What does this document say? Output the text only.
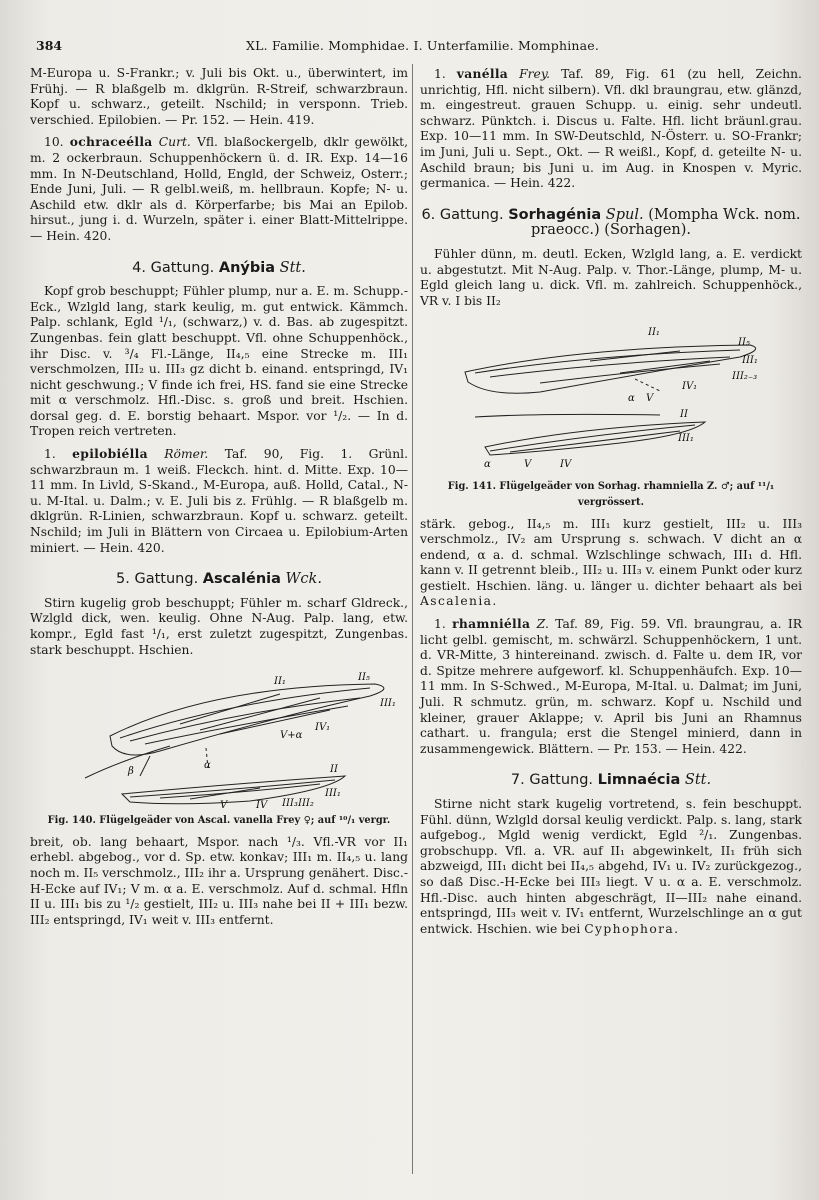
384	XL. Familie. Momphidae. I. Unterfamilie. Momphinae.

M-Europa u. S-Frankr.; v. Juli bis Okt. u., überwintert, im Frühj. — R blaßgelb m. dklgrün. R-Streif, schwarzbraun. Kopf u. schwarz., geteilt. Nschild; in versponn. Trieb. verschied. Epilobien. — Pr. 152. — Hein. 419.

10. ochraceélla Curt. Vfl. blaßockergelb, dklr gewölkt, m. 2 ockerbraun. Schuppenhöckern ü. d. IR. Exp. 14—16 mm. In N-Deutschland, Holld, Engld, der Schweiz, Osterr.; Ende Juni, Juli. — R gelbl.weiß, m. hellbraun. Kopfe; N- u. Aschild etw. dklr als d. Körperfarbe; bis Mai an Epilob. hirsut., jung i. d. Wurzeln, später i. einer Blatt-Mittelrippe. — Hein. 420.

4. Gattung. Anýbia Stt.

Kopf grob beschuppt; Fühler plump, nur a. E. m. Schupp.-Eck., Wzlgld lang, stark keulig, m. gut entwick. Kämmch. Palp. schlank, Egld ¹/₁, (schwarz,) v. d. Bas. ab zugespitzt. Zungenbas. fein glatt beschuppt. Vfl. ohne Schuppenhöck., ihr Disc. v. ³/₄ Fl.-Länge, II₄,₅ eine Strecke m. III₁ verschmolzen, III₂ u. III₃ gz dicht b. einand. entspringd, IV₁ nicht geschwung.; V finde ich frei, HS. fand sie eine Strecke mit α verschmolz. Hfl.-Disc. s. groß und breit. Hschien. dorsal geg. d. E. borstig behaart. Mspor. vor ¹/₂. — In d. Tropen reich vertreten.

1. epilobiélla Römer. Taf. 90, Fig. 1. Grünl. schwarzbraun m. 1 weiß. Fleckch. hint. d. Mitte. Exp. 10—11 mm. In Livld, S-Skand., M-Europa, auß. Holld, Catal., N- u. M-Ital. u. Dalm.; v. E. Juli bis z. Frühlg. — R blaßgelb m. dklgrün. R-Linien, schwarzbraun. Kopf u. schwarz. geteilt. Nschild; im Juli in Blättern von Circaea u. Epilobium-Arten miniert. — Hein. 420.

5. Gattung. Ascalénia Wck.

Stirn kugelig grob beschuppt; Fühler m. scharf Gldreck., Wzlgld dick, wen. keulig. Ohne N-Aug. Palp. lang, etw. kompr., Egld fast ¹/₁, erst zuletzt zugespitzt, Zungenbas. stark beschuppt. Hschien.

II₁	II₅
III₁
IV₁
V+α
β
α	II
III₁
III₂
III₃
V	IV
Fig. 140. Flügelgeäder von Ascal. vanella Frey ♀; auf ¹⁰/₁ vergr.

breit, ob. lang behaart, Mspor. nach ¹/₃. Vfl.-VR vor II₁ erhebl. abgebog., vor d. Sp. etw. konkav; III₁ m. II₄,₅ u. lang noch m. II₅ verschmolz., III₂ ihr a. Ursprung genähert. Disc.-H-Ecke auf IV₁; V m. α a. E. verschmolz. Auf d. schmal. Hfln II u. III₁ bis zu ¹/₂ gestielt, III₂ u. III₃ nahe bei II + III₁ bezw. III₂ entspringd, IV₁ weit v. III₃ entfernt.

1. vanélla Frey. Taf. 89, Fig. 61 (zu hell, Zeichn. unrichtig, Hfl. nicht silbern). Vfl. dkl braungrau, etw. glänzd, m. eingestreut. grauen Schupp. u. einig. sehr undeutl. schwarz. Pünktch. i. Discus u. Falte. Hfl. licht bräunl.grau. Exp. 10—11 mm. In SW-Deutschld, N-Österr. u. SO-Frankr; im Juni, Juli u. Sept., Okt. — R weißl., Kopf, d. geteilte N- u. Aschild braun; bis Juni u. im Aug. in Knospen v. Myric. germanica. — Hein. 422.

6. Gattung. Sorhagénia Spul. (Mompha Wck. nom. praeocc.) (Sorhagen).

Fühler dünn, m. deutl. Ecken, Wzlgld lang, a. E. verdickt u. abgestutzt. Mit N-Aug. Palp. v. Thor.-Länge, plump, M- u. Egld gleich lang u. dick. Vfl. m. zahlreich. Schuppenhöck., VR v. I bis II₂

II₁
II₅
III₁
III₂₋₃
IV₁
α V
II
III₁
α	V	IV
Fig. 141. Flügelgeäder von Sorhag. rhamniella Z. ♂; auf ¹¹/₁ vergrössert.

stärk. gebog., II₄,₅ m. III₁ kurz gestielt, III₂ u. III₃ verschmolz., IV₂ am Ursprung s. schwach. V dicht an α endend, α a. d. schmal. Wzlschlinge schwach, III₁ d. Hfl. kann v. II getrennt bleib., III₂ u. III₃ v. einem Punkt oder kurz gestielt. Hschien. läng. u. länger u. dichter behaart als bei Ascalenia.

1. rhamniélla Z. Taf. 89, Fig. 59. Vfl. braungrau, a. IR licht gelbl. gemischt, m. schwärzl. Schuppenhöckern, 1 unt. d. VR-Mitte, 3 hintereinand. zwisch. d. Falte u. dem IR, vor d. Spitze mehrere aufgeworf. kl. Schuppenhäufch. Exp. 10—11 mm. In S-Schwed., M-Europa, M-Ital. u. Dalmat; im Juni, Juli. R schmutz. grün, m. schwarz. Kopf u. Nschild und kleiner, grauer Aklappe; v. April bis Juni an Rhamnus cathart. u. frangula; erst die Stengel minierd, dann in zusammengewick. Blättern. — Pr. 153. — Hein. 422.

7. Gattung. Limnaécia Stt.

Stirne nicht stark kugelig vortretend, s. fein beschuppt. Fühl. dünn, Wzlgld dorsal keulig verdickt. Palp. s. lang, stark aufgebog., Mgld wenig verdickt, Egld ²/₁. Zungenbas. grobschupp. Vfl. a. VR. auf II₁ abgewinkelt, II₁ früh sich abzweigd, III₁ dicht bei II₄,₅ abgehd, IV₁ u. IV₂ zurückgezog., so daß Disc.-H-Ecke bei III₃ liegt. V u. α a. E. verschmolz. Hfl.-Disc. auch hinten abgeschrägt, II—III₂ nahe einand. entspringd, III₃ weit v. IV₁ entfernt, Wurzelschlinge an α gut entwick. Hschien. wie bei Cyphophora.
